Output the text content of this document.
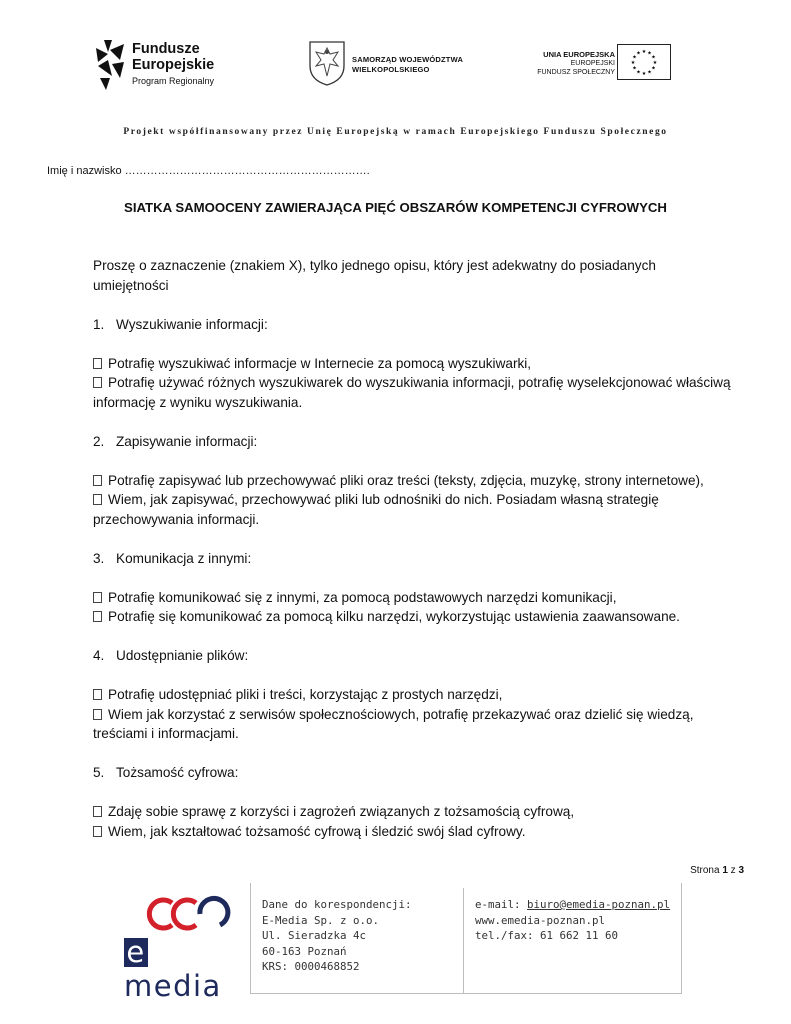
Fundusze
Europejskie
Program Regionalny
SAMORZĄD WOJEWÓDZTWA
WIELKOPOLSKIEGO
UNIA EUROPEJSKA
EUROPEJSKI
FUNDUSZ SPOŁECZNY
★ ★
★
★
★
★
★
★
★
★
★
★
Projekt współfinansowany przez Unię Europejską w ramach Europejskiego Funduszu Społecznego
Imię i nazwisko ………………………………………………………….
SIATKA SAMOOCENY ZAWIERAJĄCA PIĘĆ OBSZARÓW KOMPETENCJI CYFROWYCH

Proszę o zaznaczenie (znakiem X), tylko jednego opisu, który jest adekwatny do posiadanych umiejętności

1. Wyszukiwanie informacji:

Potrafię wyszukiwać informacje w Internecie za pomocą wyszukiwarki,

Potrafię używać różnych wyszukiwarek do wyszukiwania informacji, potrafię wyselekcjonować właściwą informację z wyniku wyszukiwania.

2. Zapisywanie informacji:

Potrafię zapisywać lub przechowywać pliki oraz treści (teksty, zdjęcia, muzykę, strony internetowe),

Wiem, jak zapisywać, przechowywać pliki lub odnośniki do nich. Posiadam własną strategię przechowywania informacji.

3. Komunikacja z innymi:

Potrafię komunikować się z innymi, za pomocą podstawowych narzędzi komunikacji,

Potrafię się komunikować za pomocą kilku narzędzi, wykorzystując ustawienia zaawansowane.

4. Udostępnianie plików:

Potrafię udostępniać pliki i treści, korzystając z prostych narzędzi,

Wiem jak korzystać z serwisów społecznościowych, potrafię przekazywać oraz dzielić się wiedzą, treściami i informacjami.

5. Tożsamość cyfrowa:

Zdaję sobie sprawę z korzyści i zagrożeń związanych z tożsamością cyfrową,

Wiem, jak kształtować tożsamość cyfrową i śledzić swój ślad cyfrowy.

Strona 1 z 3
emedia
Dane do korespondencji:
E-Media Sp. z o.o.
Ul. Sieradzka 4c
60-163 Poznań
KRS: 0000468852
e-mail: biuro@emedia-poznan.pl
www.emedia-poznan.pl
tel./fax: 61 662 11 60
